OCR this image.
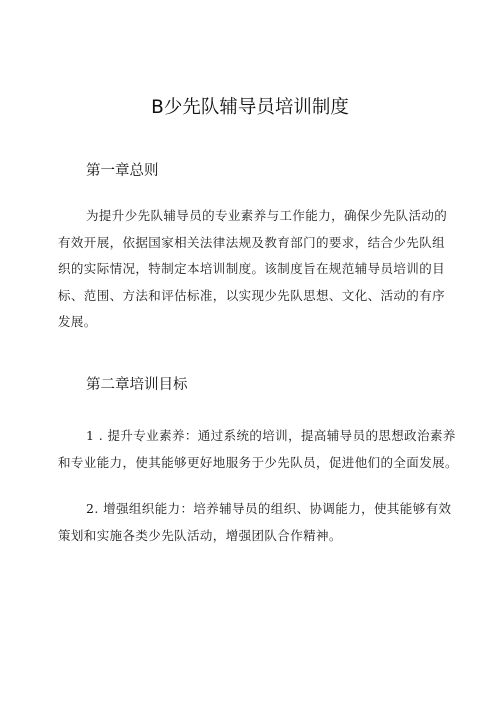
B少先队辅导员培训制度
第一章总则
为提升少先队辅导员的专业素养与工作能力，确保少先队活动的
有效开展，依据国家相关法律法规及教育部门的要求，结合少先队组
织的实际情况，特制定本培训制度。该制度旨在规范辅导员培训的目
标、范围、方法和评估标准，以实现少先队思想、文化、活动的有序
发展。
第二章培训目标
1 . 提升专业素养：通过系统的培训，提高辅导员的思想政治素养
和专业能力，使其能够更好地服务于少先队员，促进他们的全面发展。
2. 增强组织能力：培养辅导员的组织、协调能力，使其能够有效
策划和实施各类少先队活动，增强团队合作精神。
